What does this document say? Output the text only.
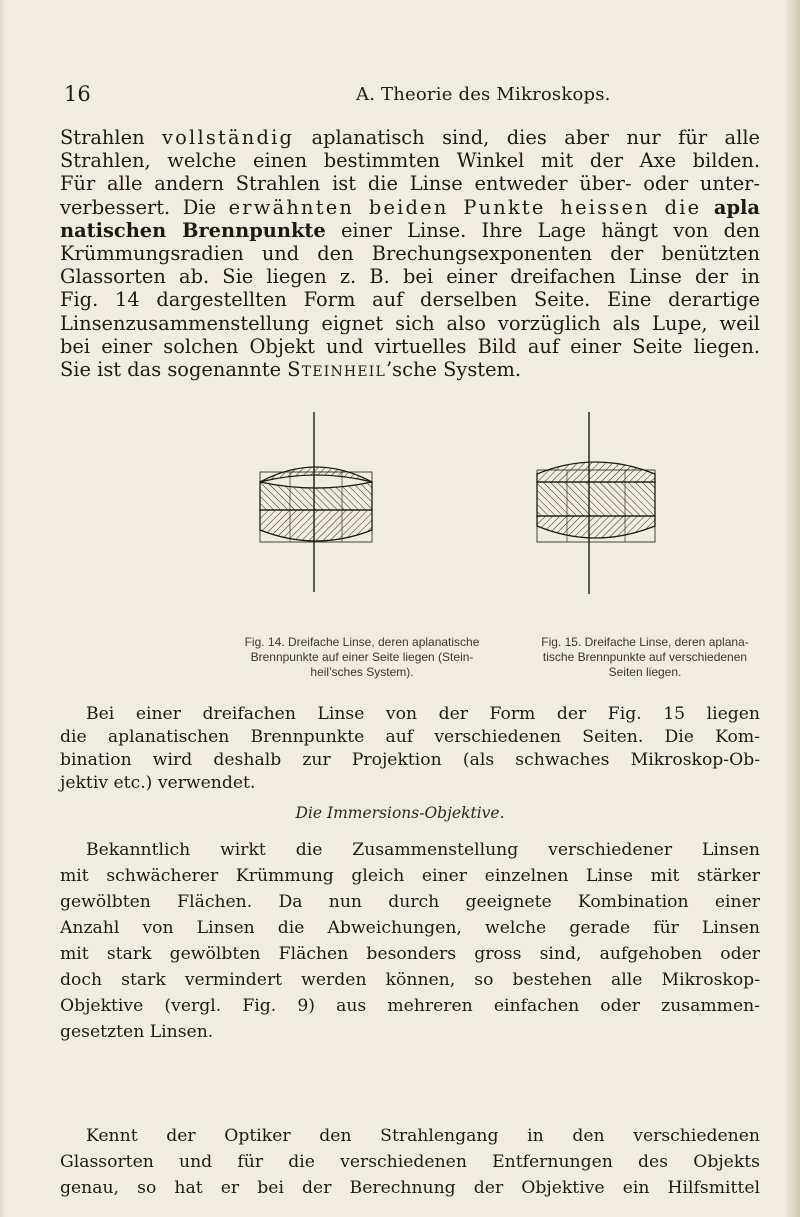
16	A. Theorie des Mikroskops.
Strahlen vollständig aplanatisch sind, dies aber nur für alle
Strahlen, welche einen bestimmten Winkel mit der Axe bilden.
Für alle andern Strahlen ist die Linse entweder über- oder unter-
verbessert. Die erwähnten beiden Punkte heissen die apla
natischen Brennpunkte einer Linse. Ihre Lage hängt von den
Krümmungsradien und den Brechungsexponenten der benützten
Glassorten ab. Sie liegen z. B. bei einer dreifachen Linse der in
Fig. 14 dargestellten Form auf derselben Seite. Eine derartige
Linsenzusammenstellung eignet sich also vorzüglich als Lupe, weil
bei einer solchen Objekt und virtuelles Bild auf einer Seite liegen.
Sie ist das sogenannte Steinheil’sche System.
Fig. 14. Dreifache Linse, deren aplanatische
Brennpunkte auf einer Seite liegen (Stein-
heil’sches System).
Fig. 15. Dreifache Linse, deren aplana-
tische Brennpunkte auf verschiedenen
Seiten liegen.
Bei einer dreifachen Linse von der Form der Fig. 15 liegen
die aplanatischen Brennpunkte auf verschiedenen Seiten. Die Kom-
bination wird deshalb zur Projektion (als schwaches Mikroskop-Ob-
jektiv etc.) verwendet.
Die Immersions-Objektive.
Bekanntlich wirkt die Zusammenstellung verschiedener Linsen
mit schwächerer Krümmung gleich einer einzelnen Linse mit stärker
gewölbten Flächen. Da nun durch geeignete Kombination einer
Anzahl von Linsen die Abweichungen, welche gerade für Linsen
mit stark gewölbten Flächen besonders gross sind, aufgehoben oder
doch stark vermindert werden können, so bestehen alle Mikroskop-
Objektive (vergl. Fig. 9) aus mehreren einfachen oder zusammen-
gesetzten Linsen.
Kennt der Optiker den Strahlengang in den verschiedenen
Glassorten und für die verschiedenen Entfernungen des Objekts
genau, so hat er bei der Berechnung der Objektive ein Hilfsmittel
